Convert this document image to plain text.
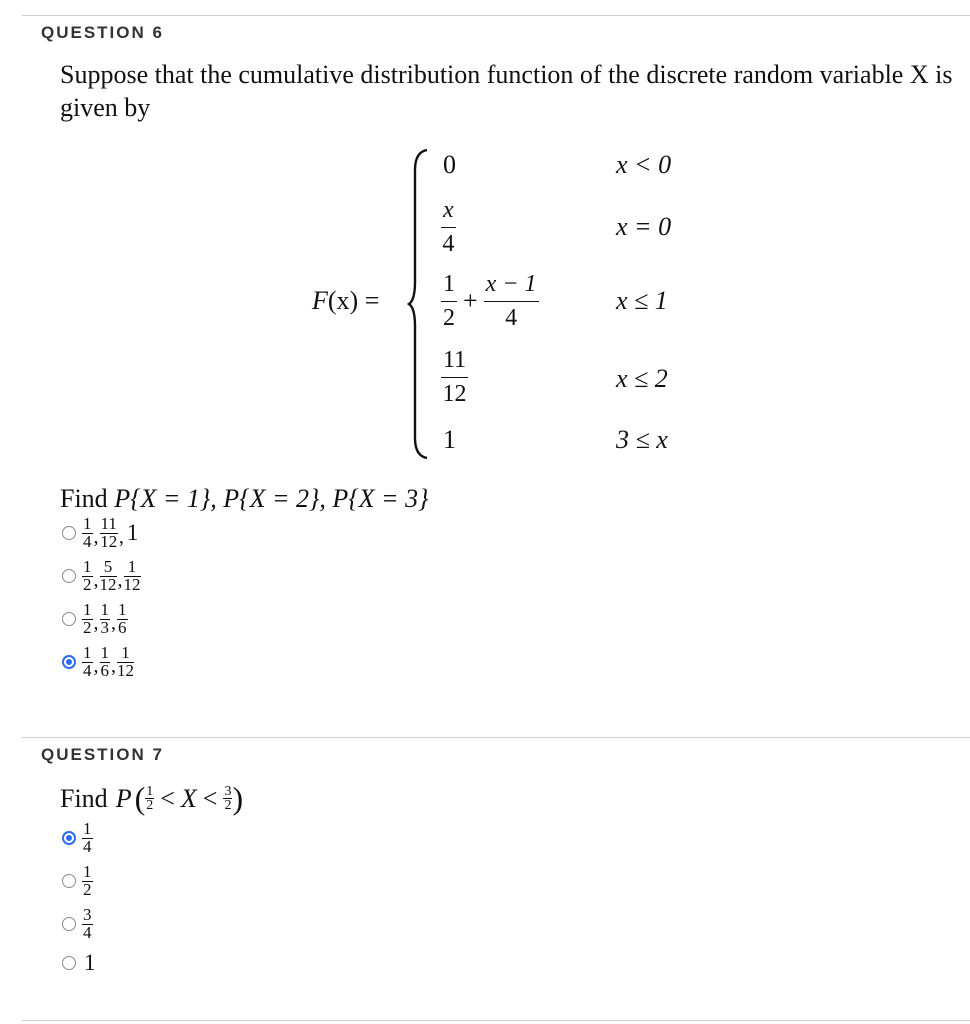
QUESTION 6
Suppose that the cumulative distribution function of the discrete random variable X is given by
F(x) =
0	x < 0
$\frac{x}{4}$	x = 0
$\frac{1}{2} + \frac{x - 1}{4}$	x ≤ 1
$\frac{11}{12}$	x ≤ 2
1	3 ≤ x
Find P{X = 1}, P{X = 2}, P{X = 3}
$\frac{1}{4}$ , $\frac{11}{12}$ , 1
$\frac{1}{2}$ , $\frac{5}{12}$ , $\frac{1}{12}$
$\frac{1}{2}$ , $\frac{1}{3}$ , $\frac{1}{6}$
$\frac{1}{4}$ , $\frac{1}{6}$ , $\frac{1}{12}$
QUESTION 7
Find P ( $\frac{1}{2} < X < \frac{3}{2}$ )
$\frac{1}{4}$
$\frac{1}{2}$
$\frac{3}{4}$
1
